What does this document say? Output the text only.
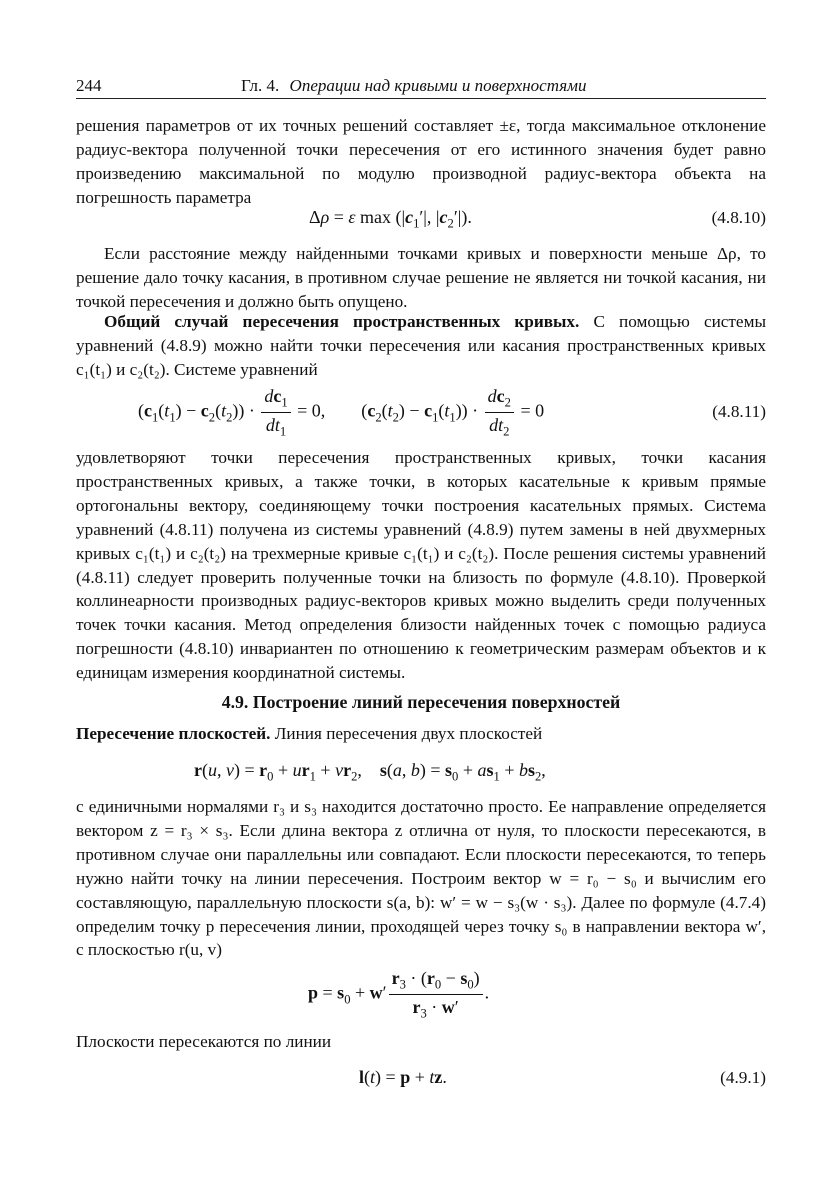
244	Гл. 4. Операции над кривыми и поверхностями
решения параметров от их точных решений составляет ±ε, тогда максимальное отклонение радиус-вектора полученной точки пересечения от его истинного значения будет равно произведению максимальной по модулю производной радиус-вектора объекта на погрешность параметра
Δρ = ε $\max (|c_1'|$, $|c_2'|$).	(4.8.10)
Если расстояние между найденными точками кривых и поверхности меньше Δρ, то решение дало точку касания, в противном случае решение не является ни точкой касания, ни точкой пересечения и должно быть опущено.
Общий случай пересечения пространственных кривых. С помощью системы уравнений (4.8.9) можно найти точки пересечения или касания пространственных кривых c₁(t₁) и c₂(t₂). Системе уравнений
$(c_1(t_1) - c_2(t_2)) \cdot \frac{dc_1}{dt_1} = 0$,        $(c_2(t_2) - c_1(t_1)) \cdot \frac{dc_2}{dt_2} = 0$	(4.8.11)
удовлетворяют точки пересечения пространственных кривых, точки касания пространственных кривых, а также точки, в которых касательные к кривым прямые ортогональны вектору, соединяющему точки построения касательных прямых. Система уравнений (4.8.11) получена из системы уравнений (4.8.9) путем замены в ней двухмерных кривых c₁(t₁) и c₂(t₂) на трехмерные кривые c₁(t₁) и c₂(t₂). После решения системы уравнений (4.8.11) следует проверить полученные точки на близость по формуле (4.8.10). Проверкой коллинеарности производных радиус-векторов кривых можно выделить среди полученных точек точки касания. Метод определения близости найденных точек с помощью радиуса погрешности (4.8.10) инвариантен по отношению к геометрическим размерам объектов и к единицам измерения координатной системы.
4.9. Построение линий пересечения поверхностей
Пересечение плоскостей. Линия пересечения двух плоскостей
r(u, $v) = r_0 + ur_1 + vr_2$,    s(a, $b) = s_0 + as_1 + bs_2$,
с единичными нормалями r₃ и s₃ находится достаточно просто. Ее направление определяется вектором z = r₃ × s₃. Если длина вектора z отлична от нуля, то плоскости пересекаются, в противном случае они параллельны или совпадают. Если плоскости пересекаются, то теперь нужно найти точку на линии пересечения. Построим вектор w = r₀ − s₀ и вычислим его составляющую, параллельную плоскости s(a, b): w′ = w − s₃(w · s₃). Далее по формуле (4.7.4) определим точку p пересечения линии, проходящей через точку s₀ в направлении вектора w′, с плоскостью r(u, v)
$p = s_0 + w' \frac{r_3 \cdot (r_0 - s_0)}{r_3 \cdot w'}$ .
Плоскости пересекаются по линии
l(t) = p + tz.	(4.9.1)
